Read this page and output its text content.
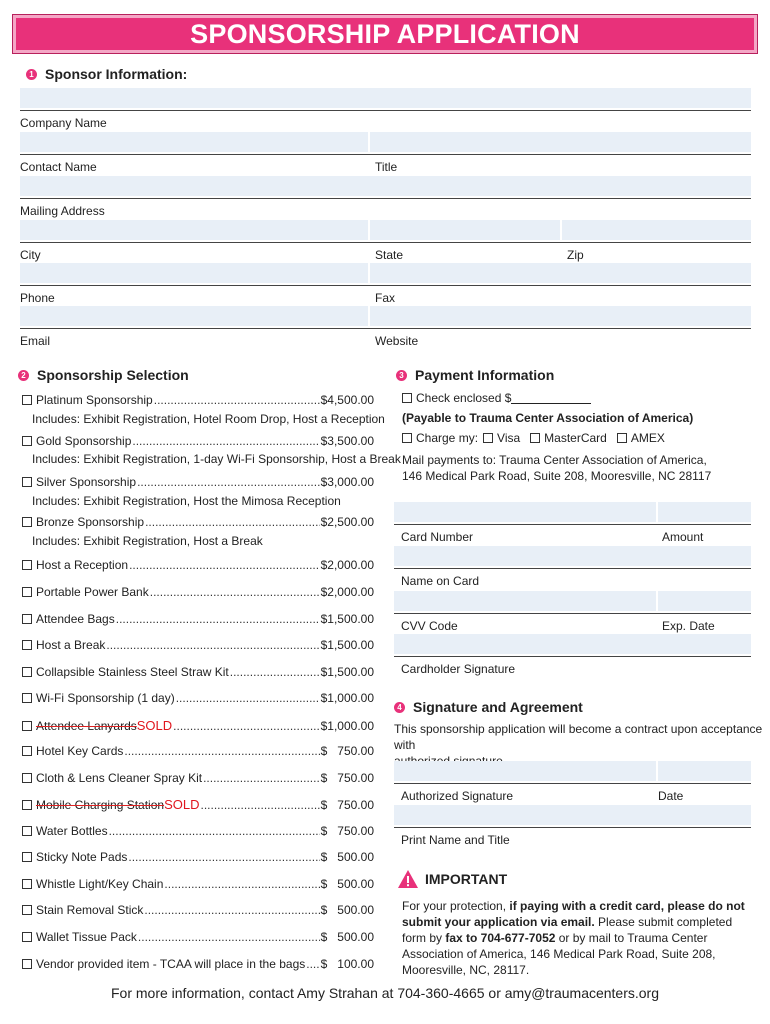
SPONSORSHIP APPLICATION
1 Sponsor Information:
Company Name
Contact Name	Title
Mailing Address
City	State	Zip
Phone	Fax
Email	Website
2 Sponsorship Selection
Platinum Sponsorship .....	$4,500.00
Includes: Exhibit Registration, Hotel Room Drop, Host a Reception
Gold Sponsorship .....	$3,500.00
Includes: Exhibit Registration, 1-day Wi-Fi Sponsorship, Host a Break
Silver Sponsorship .....	$3,000.00
Includes: Exhibit Registration, Host the Mimosa Reception
Bronze Sponsorship .....	$2,500.00
Includes: Exhibit Registration, Host a Break
Host a Reception .....	$2,000.00
Portable Power Bank .....	$2,000.00
Attendee Bags .....	$1,500.00
Host a Break .....	$1,500.00
Collapsible Stainless Steel Straw Kit .....	$1,500.00
Wi-Fi Sponsorship (1 day) .....	$1,000.00
Attendee Lanyards SOLD .....	$1,000.00
Hotel Key Cards .....	$   750.00
Cloth & Lens Cleaner Spray Kit .....	$   750.00
Mobile Charging Station SOLD .....	$   750.00
Water Bottles .....	$   750.00
Sticky Note Pads .....	$   500.00
Whistle Light/Key Chain .....	$   500.00
Stain Removal Stick .....	$   500.00
Wallet Tissue Pack .....	$   500.00
Vendor provided item - TCAA will place in the bags ..... $   100.00
3 Payment Information
Check enclosed $
(Payable to Trauma Center Association of America)
Charge my: Visa MasterCard AMEX
Mail payments to: Trauma Center Association of America,
146 Medical Park Road, Suite 208, Mooresville, NC 28117
Card Number	Amount
Name on Card
CVV Code	Exp. Date
Cardholder Signature
4 Signature and Agreement
This sponsorship application will become a contract upon acceptance with
Authorized Signature	Date
Print Name and Title
IMPORTANT
For your protection, if paying with a credit card, please do not submit your application via email. Please submit completed form by fax to 704-677-7052 or by mail to Trauma Center Association of America, 146 Medical Park Road, Suite 208, Mooresville, NC, 28117.
For more information, contact Amy Strahan at 704-360-4665 or amy@traumacenters.org
